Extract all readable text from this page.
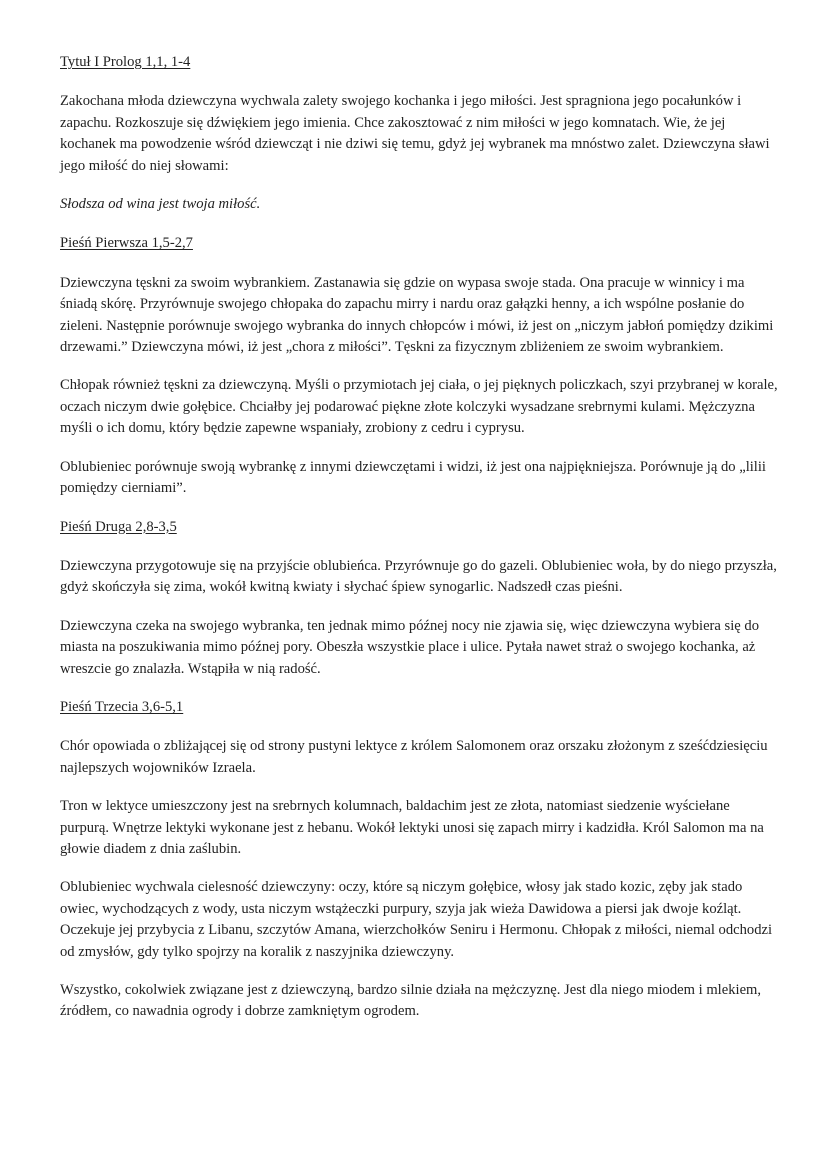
Tytuł I Prolog 1,1, 1-4

Zakochana młoda dziewczyna wychwala zalety swojego kochanka i jego miłości. Jest spragniona jego pocałunków i zapachu. Rozkoszuje się dźwiękiem jego imienia. Chce zakosztować z nim miłości w jego komnatach. Wie, że jej kochanek ma powodzenie wśród dziewcząt i nie dziwi się temu, gdyż jej wybranek ma mnóstwo zalet. Dziewczyna sławi jego miłość do niej słowami:

Słodsza od wina jest twoja miłość.

Pieśń Pierwsza 1,5-2,7

Dziewczyna tęskni za swoim wybrankiem. Zastanawia się gdzie on wypasa swoje stada. Ona pracuje w winnicy i ma śniadą skórę. Przyrównuje swojego chłopaka do zapachu mirry i nardu oraz gałązki henny, a ich wspólne posłanie do zieleni. Następnie porównuje swojego wybranka do innych chłopców i mówi, iż jest on „niczym jabłoń pomiędzy dzikimi drzewami.” Dziewczyna mówi, iż jest „chora z miłości”. Tęskni za fizycznym zbliżeniem ze swoim wybrankiem.

Chłopak również tęskni za dziewczyną. Myśli o przymiotach jej ciała, o jej pięknych policzkach, szyi przybranej w korale, oczach niczym dwie gołębice. Chciałby jej podarować piękne złote kolczyki wysadzane srebrnymi kulami. Mężczyzna myśli o ich domu, który będzie zapewne wspaniały, zrobiony z cedru i cyprysu.

Oblubieniec porównuje swoją wybrankę z innymi dziewczętami i widzi, iż jest ona najpiękniejsza. Porównuje ją do „lilii pomiędzy cierniami”.

Pieśń Druga 2,8-3,5

Dziewczyna przygotowuje się na przyjście oblubieńca. Przyrównuje go do gazeli. Oblubieniec woła, by do niego przyszła, gdyż skończyła się zima, wokół kwitną kwiaty i słychać śpiew synogarlic. Nadszedł czas pieśni.

Dziewczyna czeka na swojego wybranka, ten jednak mimo późnej nocy nie zjawia się, więc dziewczyna wybiera się do miasta na poszukiwania mimo późnej pory. Obeszła wszystkie place i ulice. Pytała nawet straż o swojego kochanka, aż wreszcie go znalazła. Wstąpiła w nią radość.

Pieśń Trzecia 3,6-5,1

Chór opowiada o zbliżającej się od strony pustyni lektyce z królem Salomonem oraz orszaku złożonym z sześćdziesięciu najlepszych wojowników Izraela.

Tron w lektyce umieszczony jest na srebrnych kolumnach, baldachim jest ze złota, natomiast siedzenie wyściełane purpurą. Wnętrze lektyki wykonane jest z hebanu. Wokół lektyki unosi się zapach mirry i kadzidła. Król Salomon ma na głowie diadem z dnia zaślubin.

Oblubieniec wychwala cielesność dziewczyny: oczy, które są niczym gołębice, włosy jak stado kozic, zęby jak stado owiec, wychodzących z wody, usta niczym wstążeczki purpury, szyja jak wieża Dawidowa a piersi jak dwoje koźląt. Oczekuje jej przybycia z Libanu, szczytów Amana, wierzchołków Seniru i Hermonu. Chłopak z miłości, niemal odchodzi od zmysłów, gdy tylko spojrzy na koralik z naszyjnika dziewczyny.

Wszystko, cokolwiek związane jest z dziewczyną, bardzo silnie działa na mężczyznę. Jest dla niego miodem i mlekiem, źródłem, co nawadnia ogrody i dobrze zamkniętym ogrodem.
